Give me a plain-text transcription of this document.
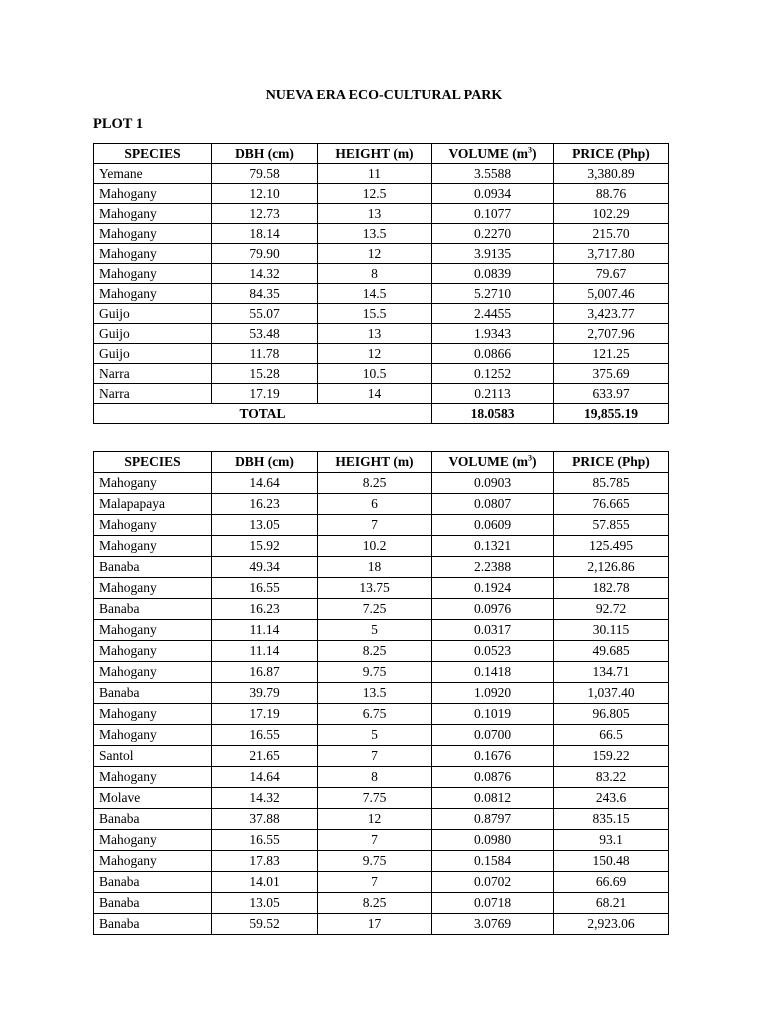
NUEVA ERA ECO-CULTURAL PARK
PLOT 1
SPECIES	DBH (cm)	HEIGHT (m)	VOLUME $(m^3)$	PRICE (Php)
Yemane	79.58	11	3.5588	3,380.89
Mahogany	12.10	12.5	0.0934	88.76
Mahogany	12.73	13	0.1077	102.29
Mahogany	18.14	13.5	0.2270	215.70
Mahogany	79.90	12	3.9135	3,717.80
Mahogany	14.32	8	0.0839	79.67
Mahogany	84.35	14.5	5.2710	5,007.46
Guijo	55.07	15.5	2.4455	3,423.77
Guijo	53.48	13	1.9343	2,707.96
Guijo	11.78	12	0.0866	121.25
Narra	15.28	10.5	0.1252	375.69
Narra	17.19	14	0.2113	633.97
TOTAL			18.0583	19,855.19
SPECIES	DBH (cm)	HEIGHT (m)	VOLUME $(m^3)$	PRICE (Php)
Mahogany	14.64	8.25	0.0903	85.785
Malapapaya	16.23	6	0.0807	76.665
Mahogany	13.05	7	0.0609	57.855
Mahogany	15.92	10.2	0.1321	125.495
Banaba	49.34	18	2.2388	2,126.86
Mahogany	16.55	13.75	0.1924	182.78
Banaba	16.23	7.25	0.0976	92.72
Mahogany	11.14	5	0.0317	30.115
Mahogany	11.14	8.25	0.0523	49.685
Mahogany	16.87	9.75	0.1418	134.71
Banaba	39.79	13.5	1.0920	1,037.40
Mahogany	17.19	6.75	0.1019	96.805
Mahogany	16.55	5	0.0700	66.5
Santol	21.65	7	0.1676	159.22
Mahogany	14.64	8	0.0876	83.22
Molave	14.32	7.75	0.0812	243.6
Banaba	37.88	12	0.8797	835.15
Mahogany	16.55	7	0.0980	93.1
Mahogany	17.83	9.75	0.1584	150.48
Banaba	14.01	7	0.0702	66.69
Banaba	13.05	8.25	0.0718	68.21
Banaba	59.52	17	3.0769	2,923.06
